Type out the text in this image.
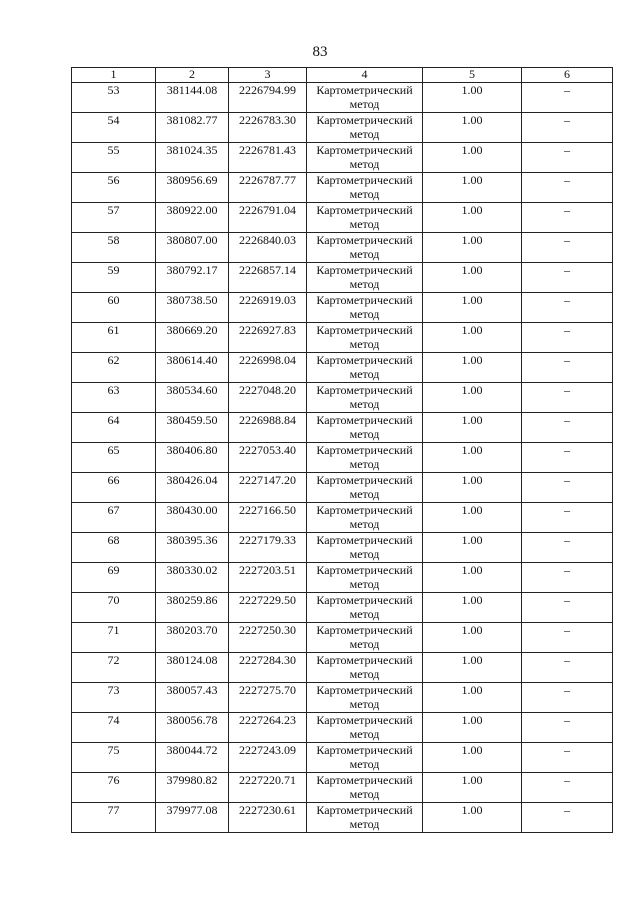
83
1	2	3	4	5	6
53	381144.08	2226794.99	Картометрический метод	1.00	–
54	381082.77	2226783.30	Картометрический метод	1.00	–
55	381024.35	2226781.43	Картометрический метод	1.00	–
56	380956.69	2226787.77	Картометрический метод	1.00	–
57	380922.00	2226791.04	Картометрический метод	1.00	–
58	380807.00	2226840.03	Картометрический метод	1.00	–
59	380792.17	2226857.14	Картометрический метод	1.00	–
60	380738.50	2226919.03	Картометрический метод	1.00	–
61	380669.20	2226927.83	Картометрический метод	1.00	–
62	380614.40	2226998.04	Картометрический метод	1.00	–
63	380534.60	2227048.20	Картометрический метод	1.00	–
64	380459.50	2226988.84	Картометрический метод	1.00	–
65	380406.80	2227053.40	Картометрический метод	1.00	–
66	380426.04	2227147.20	Картометрический метод	1.00	–
67	380430.00	2227166.50	Картометрический метод	1.00	–
68	380395.36	2227179.33	Картометрический метод	1.00	–
69	380330.02	2227203.51	Картометрический метод	1.00	–
70	380259.86	2227229.50	Картометрический метод	1.00	–
71	380203.70	2227250.30	Картометрический метод	1.00	–
72	380124.08	2227284.30	Картометрический метод	1.00	–
73	380057.43	2227275.70	Картометрический метод	1.00	–
74	380056.78	2227264.23	Картометрический метод	1.00	–
75	380044.72	2227243.09	Картометрический метод	1.00	–
76	379980.82	2227220.71	Картометрический метод	1.00	–
77	379977.08	2227230.61	Картометрический метод	1.00	–
